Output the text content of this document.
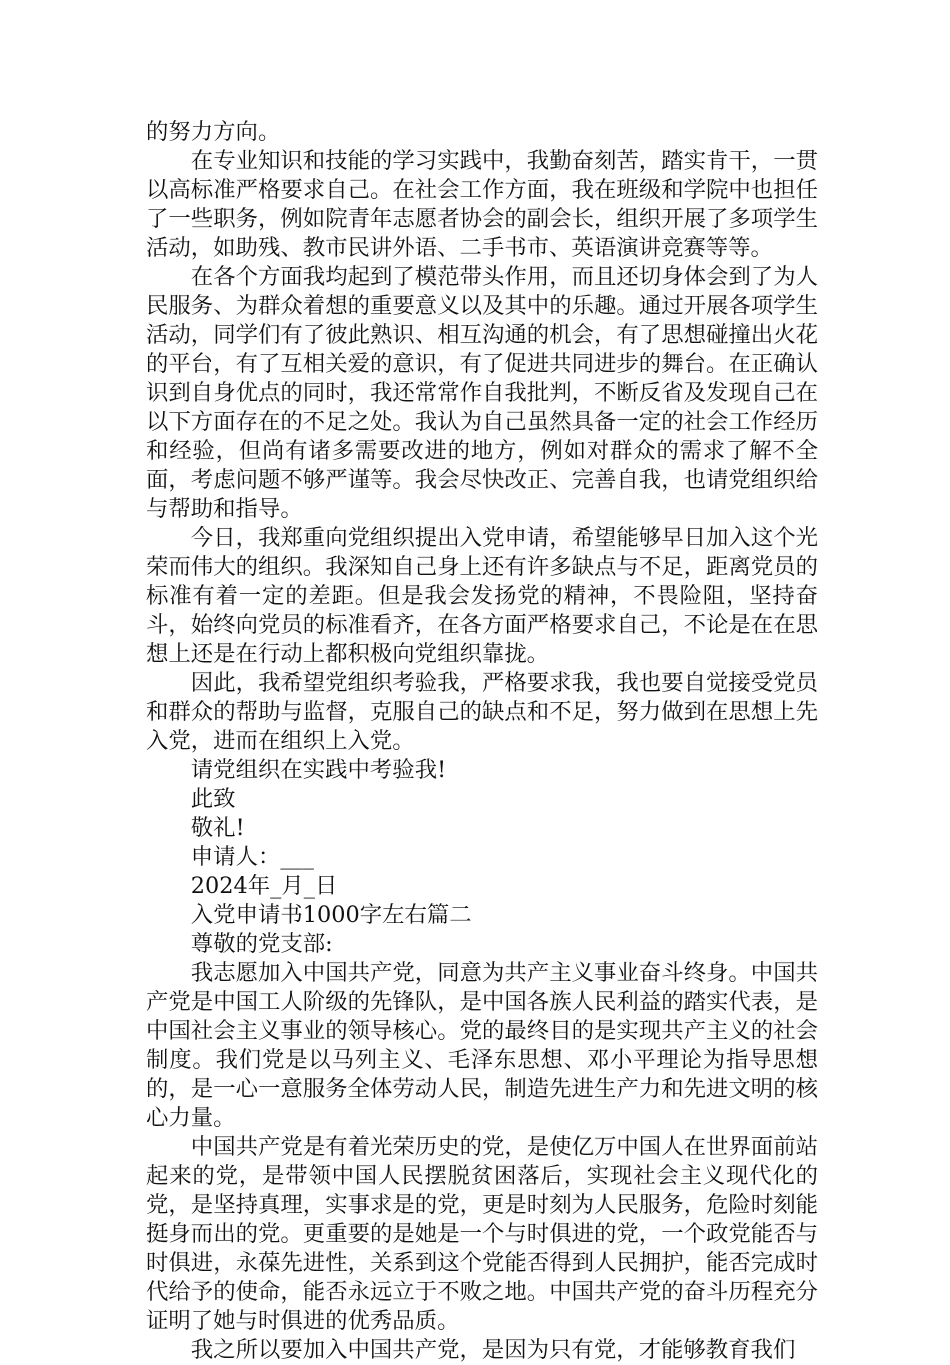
的努力方向。

在专业知识和技能的学习实践中，我勤奋刻苦，踏实肯干，一贯以高标准严格要求自己。在社会工作方面，我在班级和学院中也担任了一些职务，例如院青年志愿者协会的副会长，组织开展了多项学生活动，如助残、教市民讲外语、二手书市、英语演讲竞赛等等。

在各个方面我均起到了模范带头作用，而且还切身体会到了为人民服务、为群众着想的重要意义以及其中的乐趣。通过开展各项学生活动，同学们有了彼此熟识、相互沟通的机会，有了思想碰撞出火花的平台，有了互相关爱的意识，有了促进共同进步的舞台。在正确认识到自身优点的同时，我还常常作自我批判，不断反省及发现自己在以下方面存在的不足之处。我认为自己虽然具备一定的社会工作经历和经验，但尚有诸多需要改进的地方，例如对群众的需求了解不全面，考虑问题不够严谨等。我会尽快改正、完善自我，也请党组织给与帮助和指导。

今日，我郑重向党组织提出入党申请，希望能够早日加入这个光荣而伟大的组织。我深知自己身上还有许多缺点与不足，距离党员的标准有着一定的差距。但是我会发扬党的精神，不畏险阻，坚持奋斗，始终向党员的标准看齐，在各方面严格要求自己，不论是在在思想上还是在行动上都积极向党组织靠拢。

因此，我希望党组织考验我，严格要求我，我也要自觉接受党员和群众的帮助与监督，克服自己的缺点和不足，努力做到在思想上先入党，进而在组织上入党。

请党组织在实践中考验我!

此致

敬礼!

申请人：___

2024年_月_日

入党申请书1000字左右篇二

尊敬的党支部:

我志愿加入中国共产党，同意为共产主义事业奋斗终身。中国共产党是中国工人阶级的先锋队，是中国各族人民利益的踏实代表，是中国社会主义事业的领导核心。党的最终目的是实现共产主义的社会制度。我们党是以马列主义、毛泽东思想、邓小平理论为指导思想的，是一心一意服务全体劳动人民，制造先进生产力和先进文明的核心力量。

中国共产党是有着光荣历史的党，是使亿万中国人在世界面前站起来的党，是带领中国人民摆脱贫困落后，实现社会主义现代化的党，是坚持真理，实事求是的党，更是时刻为人民服务，危险时刻能挺身而出的党。更重要的是她是一个与时俱进的党，一个政党能否与时俱进，永葆先进性，关系到这个党能否得到人民拥护，能否完成时代给予的使命，能否永远立于不败之地。中国共产党的奋斗历程充分证明了她与时俱进的优秀品质。

我之所以要加入中国共产党，是因为只有党，才能够教育我们
